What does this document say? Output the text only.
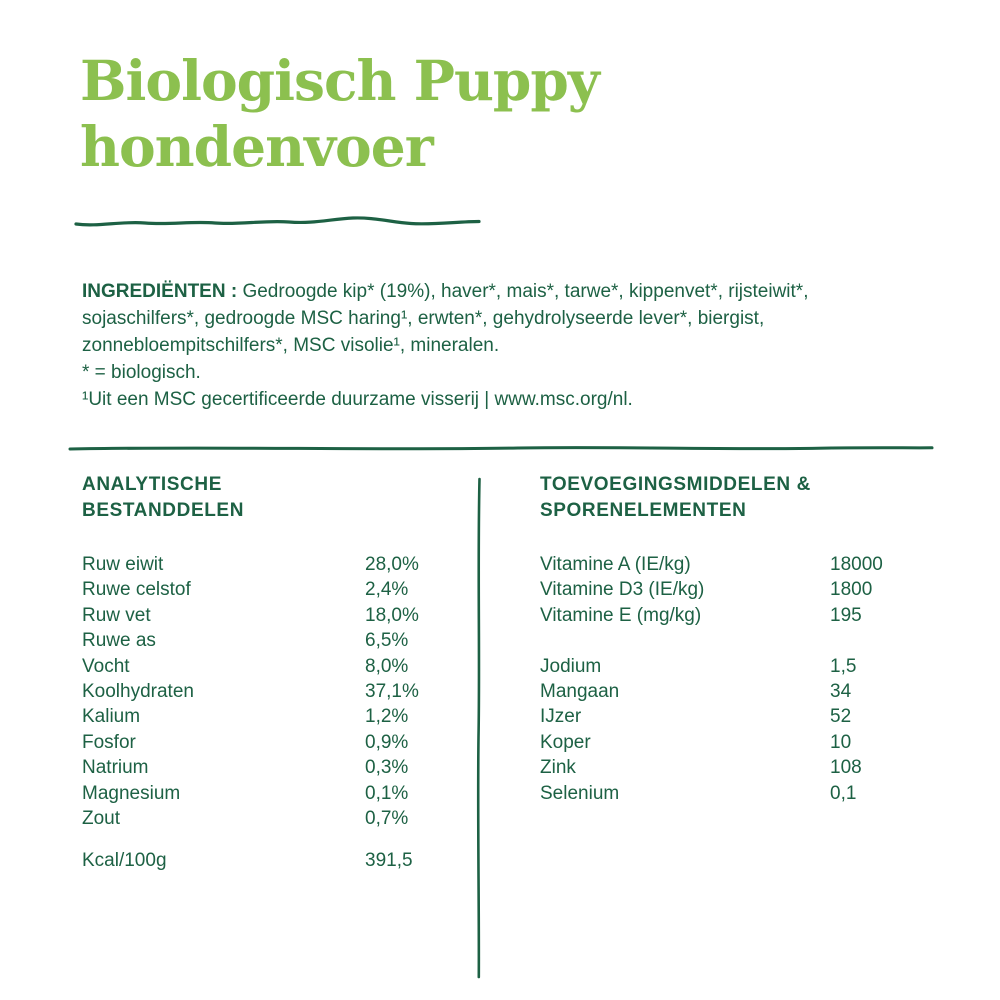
Biologisch Puppy
hondenvoer
INGREDIËNTEN : Gedroogde kip* (19%), haver*, mais*, tarwe*, kippenvet*, rijsteiwit*,
sojaschilfers*, gedroogde MSC haring¹, erwten*, gehydrolyseerde lever*, biergist,
zonnebloempitschilfers*, MSC visolie¹, mineralen.
* = biologisch.
¹Uit een MSC gecertificeerde duurzame visserij | www.msc.org/nl.
ANALYTISCHE
BESTANDDELEN
Ruw eiwit	28,0%
Ruwe celstof	2,4%
Ruw vet	18,0%
Ruwe as	6,5%
Vocht	8,0%
Koolhydraten	37,1%
Kalium	1,2%
Fosfor	0,9%
Natrium	0,3%
Magnesium	0,1%
Zout	0,7%
Kcal/100g	391,5
TOEVOEGINGSMIDDELEN &
SPORENELEMENTEN
Vitamine A (IE/kg)	18000
Vitamine D3 (IE/kg)	1800
Vitamine E (mg/kg)	195
Jodium	1,5
Mangaan	34
IJzer	52
Koper	10
Zink	108
Selenium	0,1
